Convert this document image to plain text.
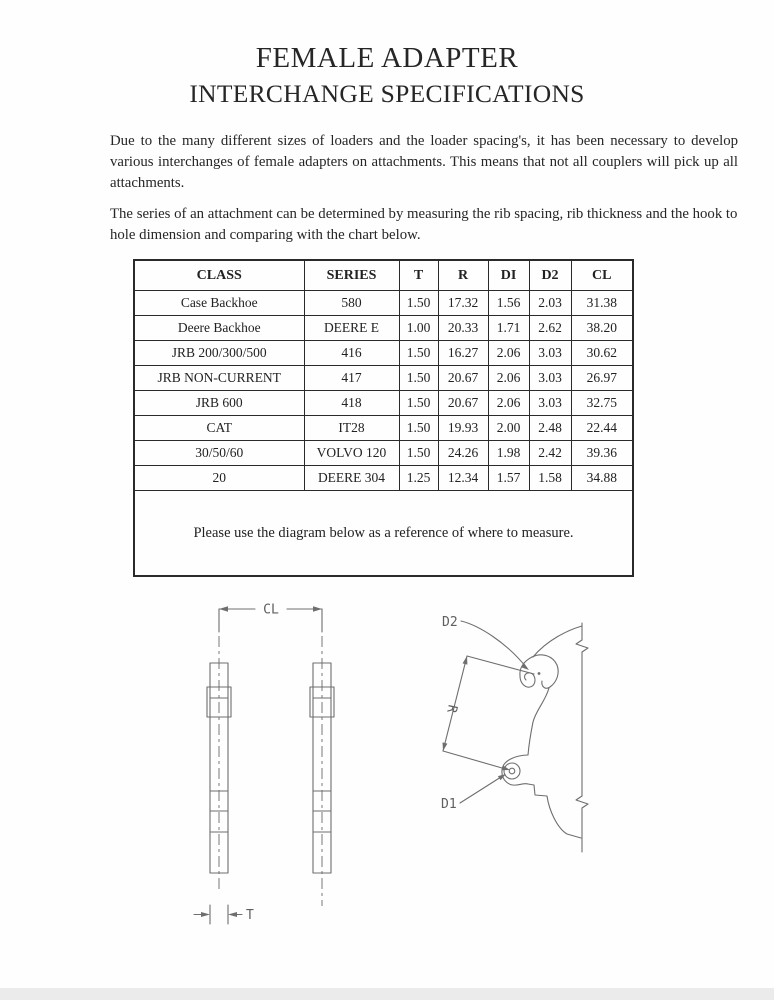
FEMALE ADAPTER
INTERCHANGE SPECIFICATIONS

Due to the many different sizes of loaders and the loader spacing's, it has been necessary to develop various interchanges of female adapters on attachments. This means that not all couplers will pick up all attachments.

The series of an attachment can be determined by measuring the rib spacing, rib thickness and the hook to hole dimension and comparing with the chart below.

CLASS	SERIES	T	R	DI	D2	CL
Case Backhoe	580	1.50	17.32	1.56	2.03	31.38
Deere Backhoe	DEERE E	1.00	20.33	1.71	2.62	38.20
JRB 200/300/500	416	1.50	16.27	2.06	3.03	30.62
JRB NON-CURRENT	417	1.50	20.67	2.06	3.03	26.97
JRB 600	418	1.50	20.67	2.06	3.03	32.75
CAT	IT28	1.50	19.93	2.00	2.48	22.44
30/50/60	VOLVO 120	1.50	24.26	1.98	2.42	39.36
20	DEERE 304	1.25	12.34	1.57	1.58	34.88
Please use the diagram below as a reference of where to measure.						
CL
T
D2
R
D1
